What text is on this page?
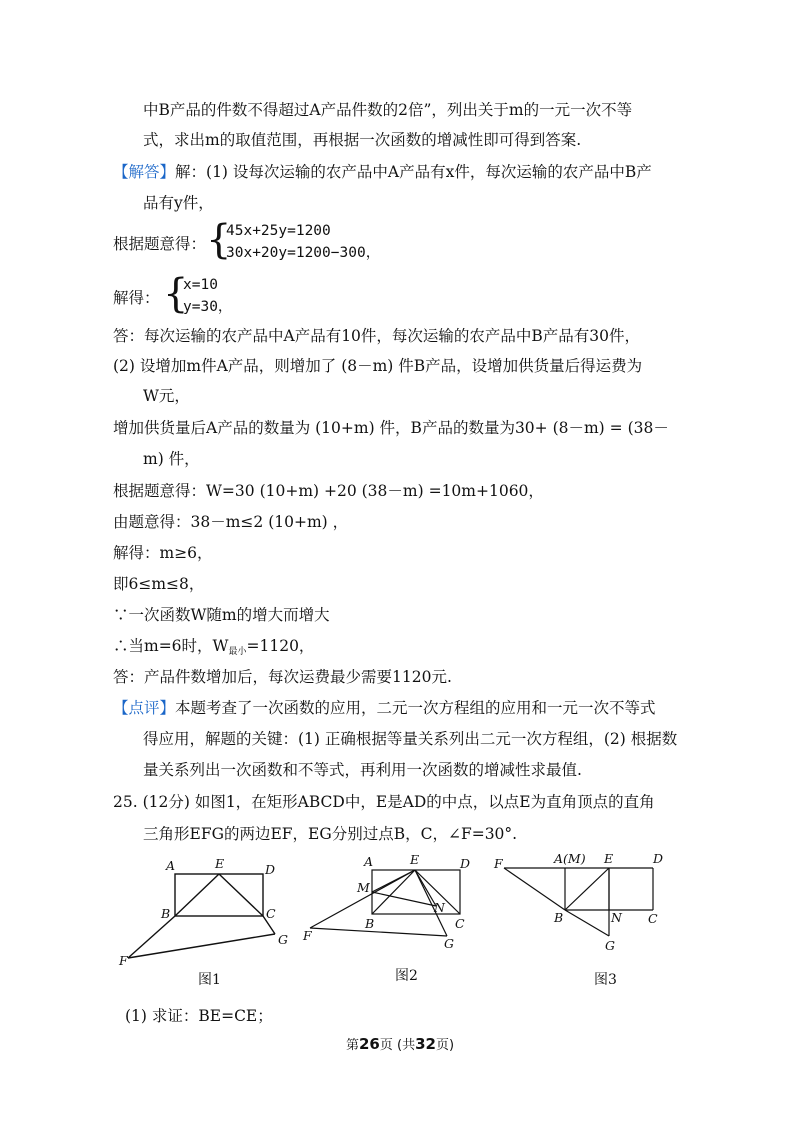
中B产品的件数不得超过A产品件数的2倍”，列出关于m的一元一次不等
式，求出m的取值范围，再根据一次函数的增减性即可得到答案.
【解答】解：(1) 设每次运输的农产品中A产品有x件，每次运输的农产品中B产
品有y件，
根据题意得： {
45x+25y=1200
30x+20y=1200−300，
解得： {
x=10
y=30，
答：每次运输的农产品中A产品有10件，每次运输的农产品中B产品有30件，
(2) 设增加m件A产品，则增加了 (8－m) 件B产品，设增加供货量后得运费为
W元，
增加供货量后A产品的数量为 (10+m) 件，B产品的数量为30+ (8－m) = (38－
m) 件，
根据题意得：W=30 (10+m) +20 (38－m) =10m+1060，
由题意得：38－m≤2 (10+m) ，
解得：m≥6，
即6≤m≤8，
∵一次函数W随m的增大而增大
∴当m=6时，$W_{最小}=1120$，
答：产品件数增加后，每次运费最少需要1120元.
【点评】本题考查了一次函数的应用，二元一次方程组的应用和一元一次不等式
得应用，解题的关键：(1) 正确根据等量关系列出二元一次方程组，(2) 根据数
量关系列出一次函数和不等式，再利用一次函数的增减性求最值.
25. (12分) 如图1，在矩形ABCD中，E是AD的中点，以点E为直角顶点的直角
三角形EFG的两边EF，EG分别过点B，C，∠F=30°.
A	E	D
B	C
F
G
A	E	D
M
N
B	C
F
G
F	A(M) E	D
B	N C
G
图1	图2	图3
(1) 求证：BE=CE；
第26页 (共32页)
